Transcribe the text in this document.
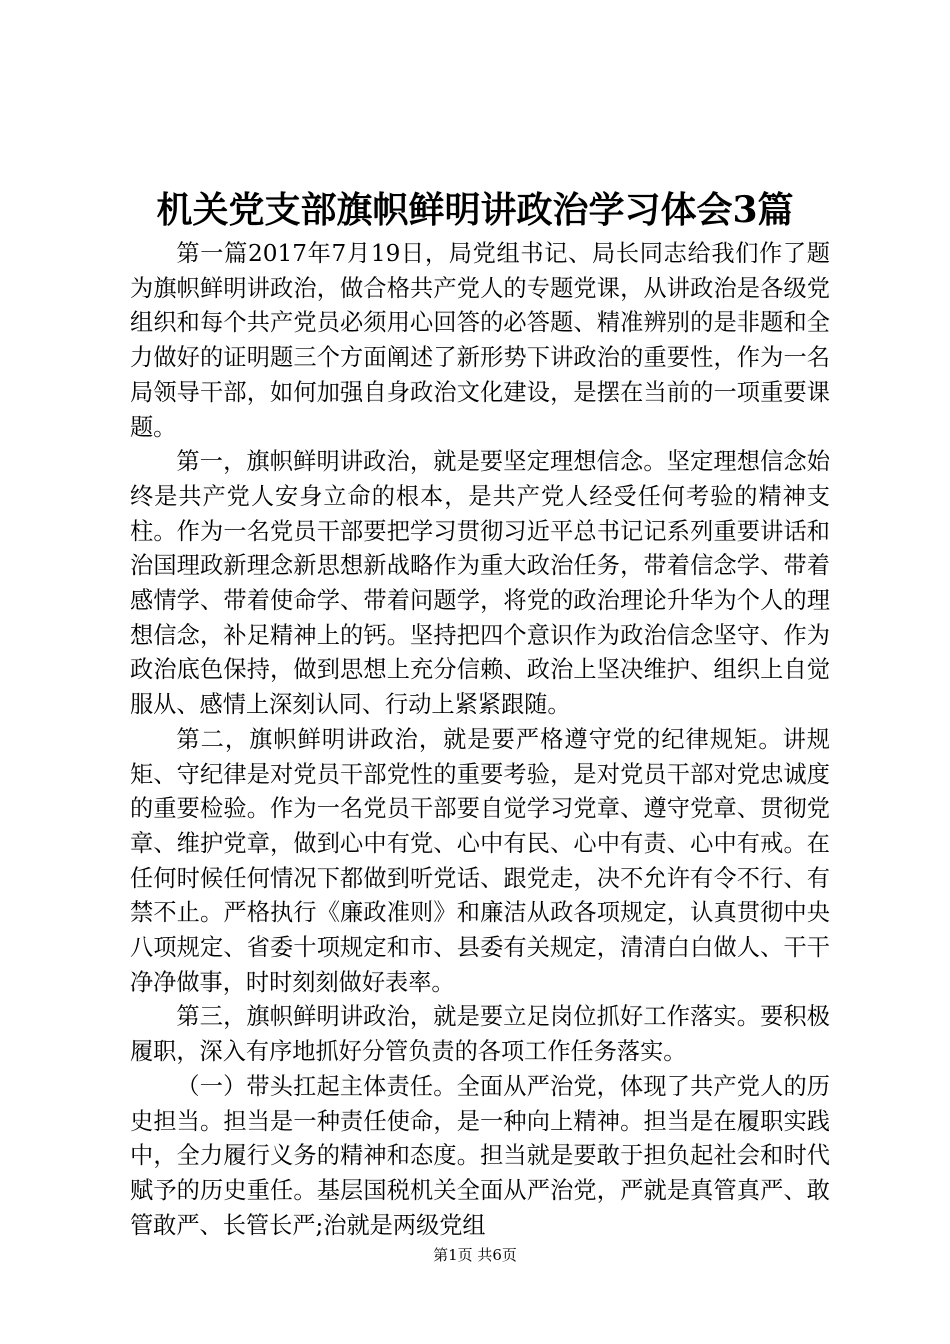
机关党支部旗帜鲜明讲政治学习体会3篇

第一篇2017年7月19日，局党组书记、局长同志给我们作了题为旗帜鲜明讲政治，做合格共产党人的专题党课，从讲政治是各级党组织和每个共产党员必须用心回答的必答题、精准辨别的是非题和全力做好的证明题三个方面阐述了新形势下讲政治的重要性，作为一名局领导干部，如何加强自身政治文化建设，是摆在当前的一项重要课题。

第一，旗帜鲜明讲政治，就是要坚定理想信念。坚定理想信念始终是共产党人安身立命的根本，是共产党人经受任何考验的精神支柱。作为一名党员干部要把学习贯彻习近平总书记记系列重要讲话和治国理政新理念新思想新战略作为重大政治任务，带着信念学、带着感情学、带着使命学、带着问题学，将党的政治理论升华为个人的理想信念，补足精神上的钙。坚持把四个意识作为政治信念坚守、作为政治底色保持，做到思想上充分信赖、政治上坚决维护、组织上自觉服从、感情上深刻认同、行动上紧紧跟随。

第二，旗帜鲜明讲政治，就是要严格遵守党的纪律规矩。讲规矩、守纪律是对党员干部党性的重要考验，是对党员干部对党忠诚度的重要检验。作为一名党员干部要自觉学习党章、遵守党章、贯彻党章、维护党章，做到心中有党、心中有民、心中有责、心中有戒。在任何时候任何情况下都做到听党话、跟党走，决不允许有令不行、有禁不止。严格执行《廉政准则》和廉洁从政各项规定，认真贯彻中央八项规定、省委十项规定和市、县委有关规定，清清白白做人、干干净净做事，时时刻刻做好表率。

第三，旗帜鲜明讲政治，就是要立足岗位抓好工作落实。要积极履职，深入有序地抓好分管负责的各项工作任务落实。

（一）带头扛起主体责任。全面从严治党，体现了共产党人的历史担当。担当是一种责任使命，是一种向上精神。担当是在履职实践中，全力履行义务的精神和态度。担当就是要敢于担负起社会和时代赋予的历史重任。基层国税机关全面从严治党，严就是真管真严、敢管敢严、长管长严;治就是两级党组

第1页 共6页
